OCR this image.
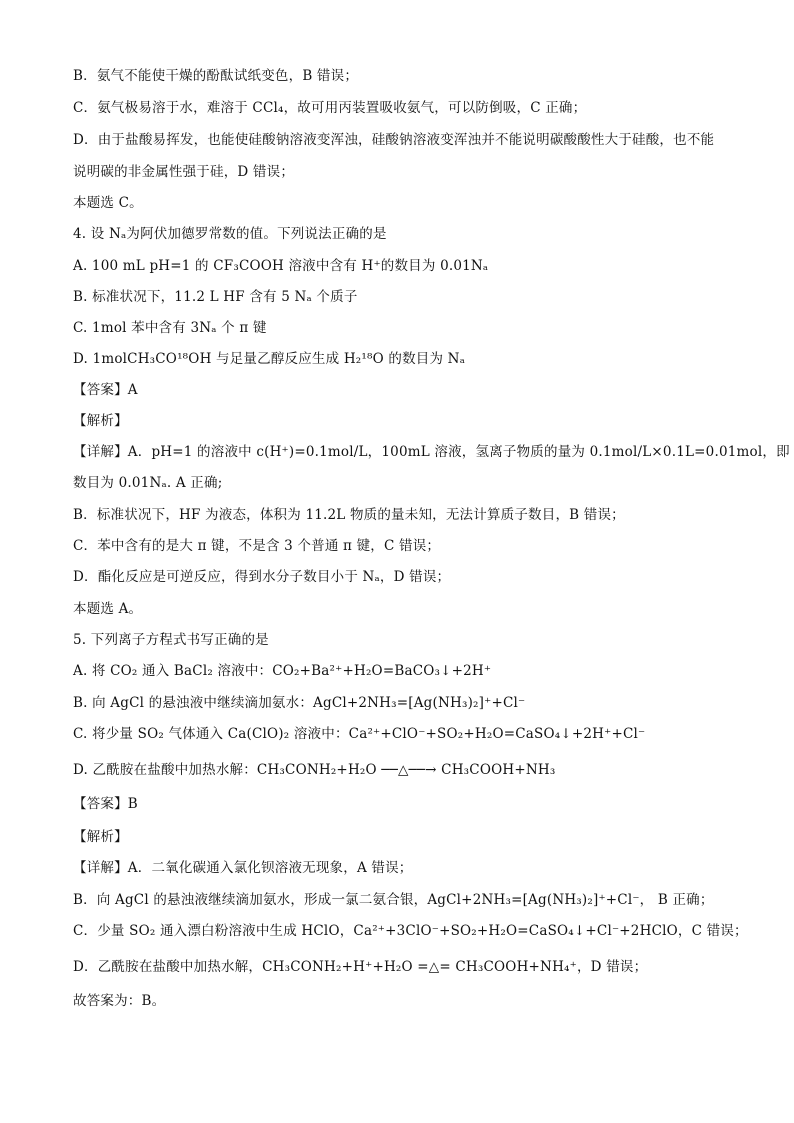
B．氨气不能使干燥的酚酞试纸变色，B 错误；
C．氨气极易溶于水，难溶于 CCl₄，故可用丙装置吸收氨气，可以防倒吸，C 正确；
D．由于盐酸易挥发，也能使硅酸钠溶液变浑浊，硅酸钠溶液变浑浊并不能说明碳酸酸性大于硅酸，也不能
说明碳的非金属性强于硅，D 错误；
本题选 C。
4. 设 Nₐ为阿伏加德罗常数的值。下列说法正确的是
A. 100 mL pH=1 的 CF₃COOH 溶液中含有 H⁺的数目为 0.01Nₐ
B. 标准状况下，11.2 L HF 含有 5 Nₐ 个质子
C. 1mol 苯中含有 3Nₐ 个 π 键
D. 1molCH₃CO¹⁸OH 与足量乙醇反应生成 H₂¹⁸O 的数目为 Nₐ
【答案】A
【解析】
【详解】A．pH=1 的溶液中 c(H⁺)=0.1mol/L，100mL 溶液，氢离子物质的量为 0.1mol/L×0.1L=0.01mol，即
数目为 0.01Nₐ. A 正确;
B．标准状况下，HF 为液态，体积为 11.2L 物质的量未知，无法计算质子数目，B 错误；
C．苯中含有的是大 π 键，不是含 3 个普通 π 键，C 错误；
D．酯化反应是可逆反应，得到水分子数目小于 Nₐ，D 错误；
本题选 A。
5. 下列离子方程式书写正确的是
A. 将 CO₂ 通入 BaCl₂ 溶液中：CO₂+Ba²⁺+H₂O=BaCO₃↓+2H⁺
B. 向 AgCl 的悬浊液中继续滴加氨水：AgCl+2NH₃=[Ag(NH₃)₂]⁺+Cl⁻
C. 将少量 SO₂ 气体通入 Ca(ClO)₂ 溶液中：Ca²⁺+ClO⁻+SO₂+H₂O=CaSO₄↓+2H⁺+Cl⁻
D. 乙酰胺在盐酸中加热水解：CH₃CONH₂+H₂O ──△──→ CH₃COOH+NH₃
【答案】B
【解析】
【详解】A．二氧化碳通入氯化钡溶液无现象，A 错误；
B．向 AgCl 的悬浊液继续滴加氨水，形成一氯二氨合银，AgCl+2NH₃=[Ag(NH₃)₂]⁺+Cl⁻， B 正确；
C．少量 SO₂ 通入漂白粉溶液中生成 HClO，Ca²⁺+3ClO⁻+SO₂+H₂O=CaSO₄↓+Cl⁻+2HClO，C 错误；
D．乙酰胺在盐酸中加热水解，CH₃CONH₂+H⁺+H₂O =△= CH₃COOH+NH₄⁺，D 错误；
故答案为：B。
